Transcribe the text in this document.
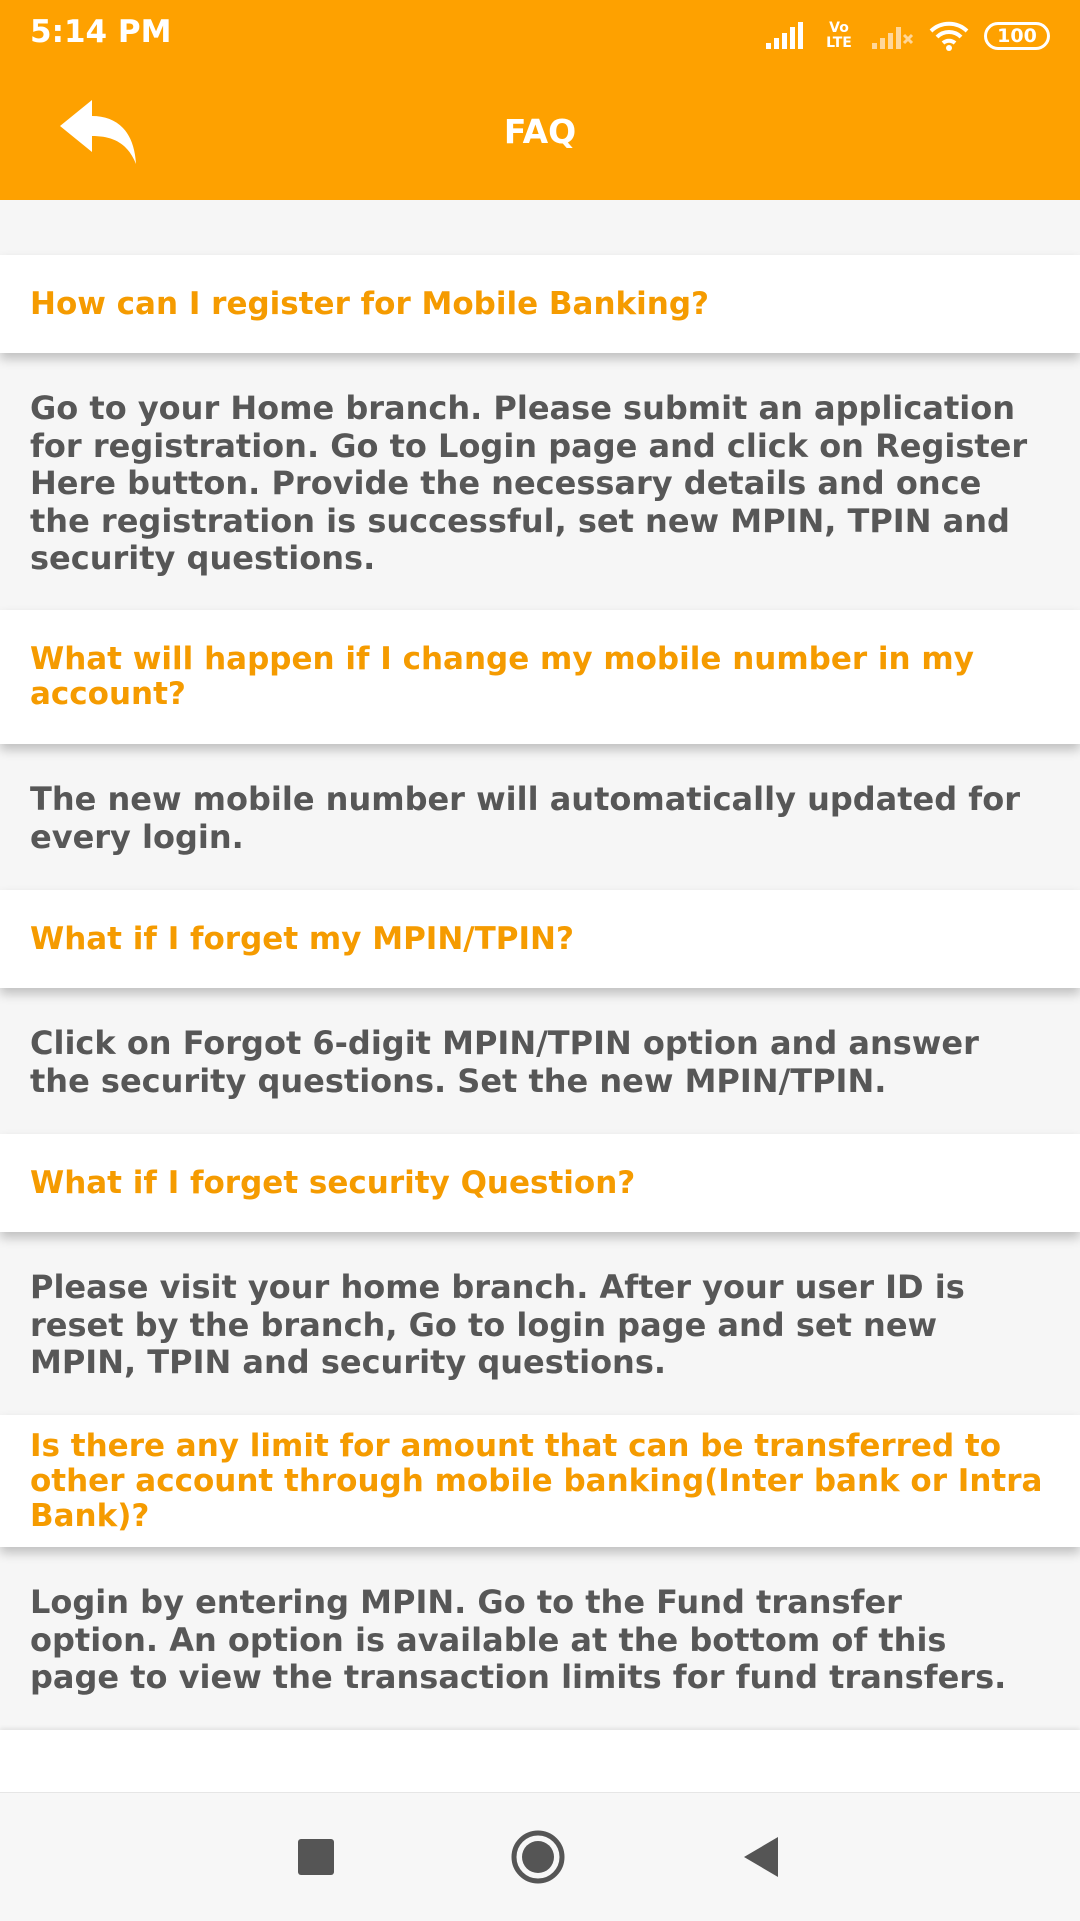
5:14 PM	Vo LTE	100
FAQ
How can I register for Mobile Banking?
Go to your Home branch. Please submit an application for registration. Go to Login page and click on Register Here button. Provide the necessary details and once the registration is successful, set new MPIN, TPIN and security questions.
What will happen if I change my mobile number in my account?
The new mobile number will automatically updated for every login.
What if I forget my MPIN/TPIN?
Click on Forgot 6-digit MPIN/TPIN option and answer the security questions. Set the new MPIN/TPIN.
What if I forget security Question?
Please visit your home branch. After your user ID is reset by the branch, Go to login page and set new MPIN, TPIN and security questions.
Is there any limit for amount that can be transferred to other account through mobile banking(Inter bank or Intra Bank)?
Login by entering MPIN. Go to the Fund transfer option. An option is available at the bottom of this page to view the transaction limits for fund transfers.
